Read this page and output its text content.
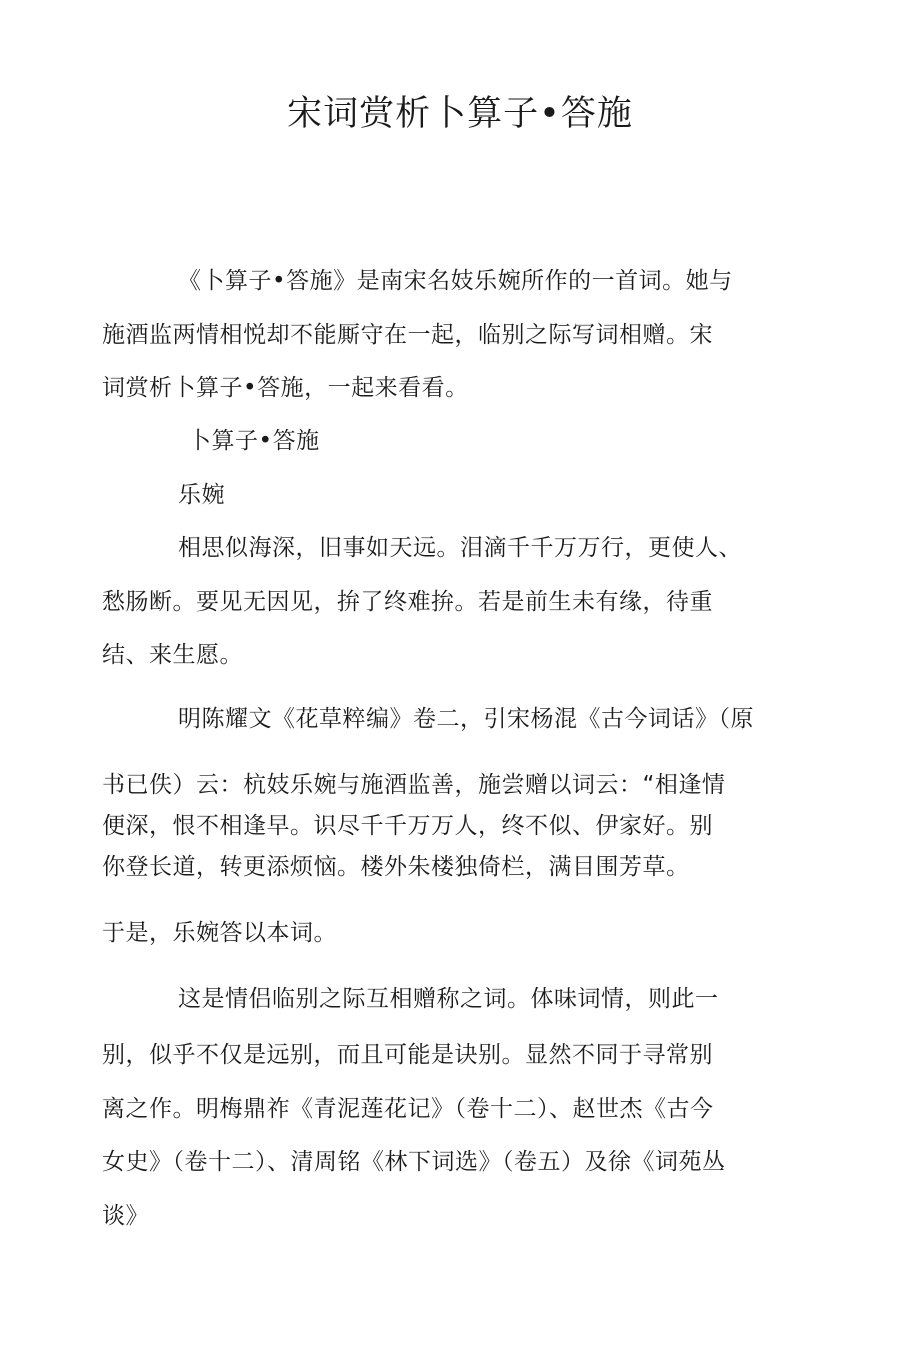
宋词赏析卜算子•答施
《卜算子•答施》是南宋名妓乐婉所作的一首词。她与
施酒监两情相悦却不能厮守在一起，临别之际写词相赠。宋
词赏析卜算子•答施，一起来看看。
卜算子•答施
乐婉
相思似海深，旧事如天远。泪滴千千万万行，更使人、
愁肠断。要见无因见，拚了终难拚。若是前生未有缘，待重
结、来生愿。
明陈耀文《花草粹编》卷二，引宋杨混《古今词话》（原
书已佚）云：杭妓乐婉与施酒监善，施尝赠以词云：“相逢情
便深，恨不相逢早。识尽千千万万人，终不似、伊家好。别
你登长道，转更添烦恼。楼外朱楼独倚栏，满目围芳草。
于是，乐婉答以本词。
这是情侣临别之际互相赠称之词。体味词情，则此一
别，似乎不仅是远别，而且可能是诀别。显然不同于寻常别
离之作。明梅鼎祚《青泥莲花记》（卷十二）、赵世杰《古今
女史》（卷十二）、清周铭《林下词选》（卷五）及徐《词苑丛
谈》
